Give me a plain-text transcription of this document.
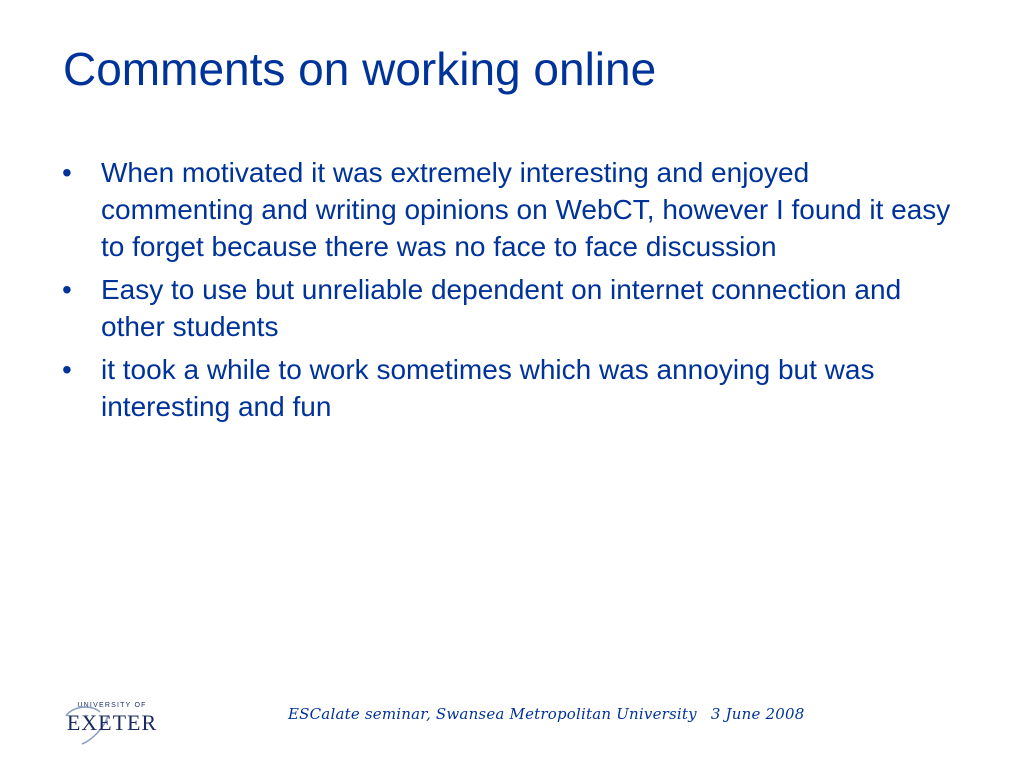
Comments on working online
•	When motivated it was extremely interesting and enjoyed commenting and writing opinions on WebCT, however I found it easy to forget because there was no face to face discussion
•	Easy to use but unreliable dependent on internet connection and other students
•	it took a while to work sometimes which was annoying but was interesting and fun
UNIVERSITY OF
EXETER	ESCalate seminar, Swansea Metropolitan University 3 June 2008
